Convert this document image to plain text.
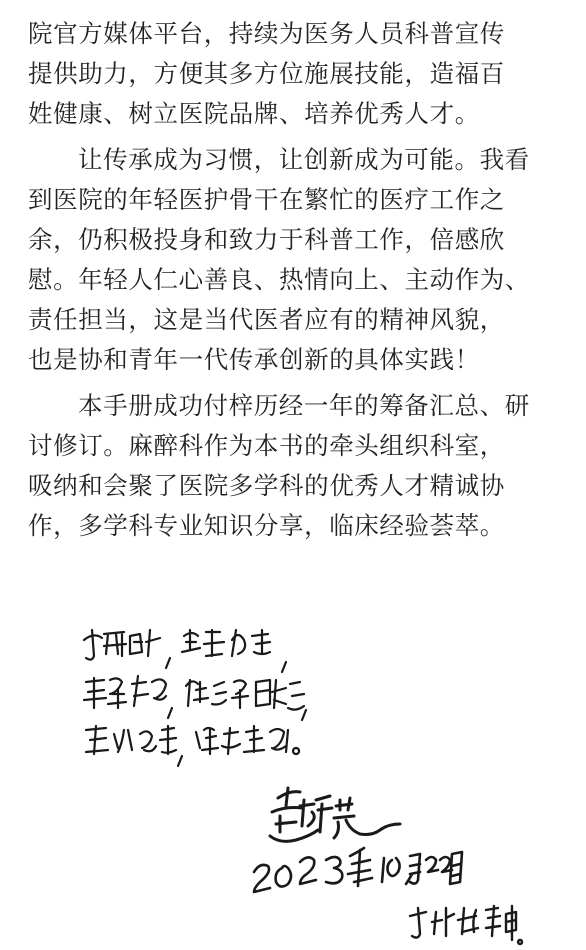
院官方媒体平台，持续为医务人员科普宣传
提供助力，方便其多方位施展技能，造福百
姓健康、树立医院品牌、培养优秀人才。
让传承成为习惯，让创新成为可能。我看
到医院的年轻医护骨干在繁忙的医疗工作之
余，仍积极投身和致力于科普工作，倍感欣
慰。年轻人仁心善良、热情向上、主动作为、
责任担当，这是当代医者应有的精神风貌，
也是协和青年一代传承创新的具体实践！
本手册成功付梓历经一年的筹备汇总、研
讨修订。麻醉科作为本书的牵头组织科室，
吸纳和会聚了医院多学科的优秀人才精诚协
作，多学科专业知识分享，临床经验荟萃。
